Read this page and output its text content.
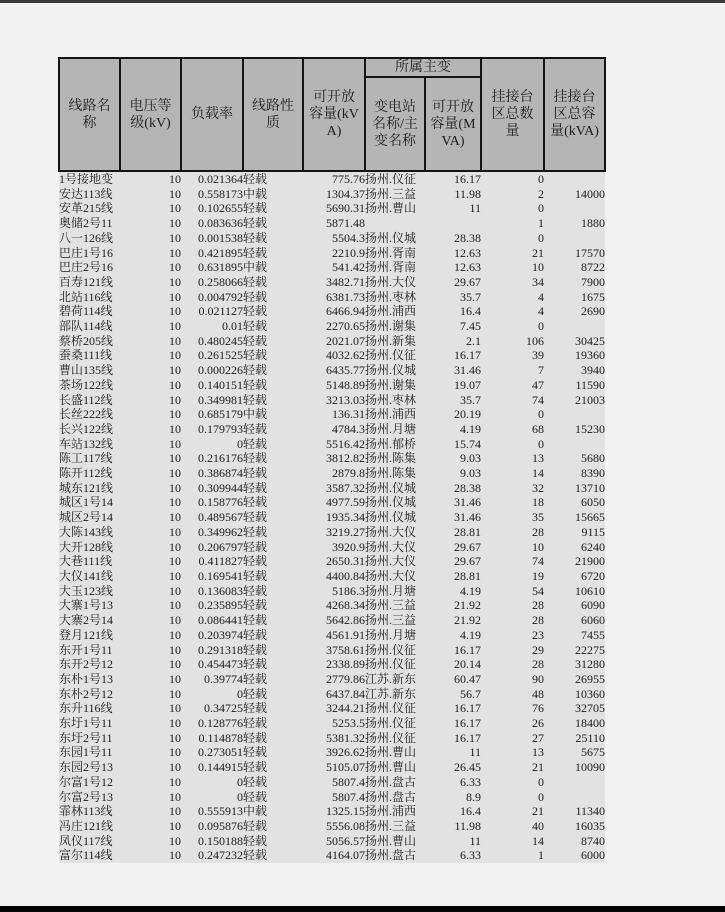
线路名称	电压等级(kV)	负载率	线路性质	可开放容量(kVA)	所属主变		挂接台区总数量	挂接台区总容量(kVA)
					变电站名称/主变名称	可开放容量(MVA)		
1号接地变	10	0.021364	轻载	775.76	扬州.仪征	16.17	0	
安达113线	10	0.558173	中载	1304.37	扬州.三益	11.98	2	14000
安革215线	10	0.102655	轻载	5690.31	扬州.曹山	11	0	
奥储2号11	10	0.083636	轻载	5871.48			1	1880
八一126线	10	0.001538	轻载	5504.3	扬州.仪城	28.38	0	
巴庄1号16	10	0.421895	轻载	2210.9	扬州.胥南	12.63	21	17570
巴庄2号16	10	0.631895	中载	541.42	扬州.胥南	12.63	10	8722
百寿121线	10	0.258066	轻载	3482.71	扬州.大仪	29.67	34	7900
北站116线	10	0.004792	轻载	6381.73	扬州.枣林	35.7	4	1675
碧荷114线	10	0.021127	轻载	6466.94	扬州.浦西	16.4	4	2690
部队114线	10	0.01	轻载	2270.65	扬州.谢集	7.45	0	
蔡桥205线	10	0.480245	轻载	2021.07	扬州.新集	2.1	106	30425
蚕桑111线	10	0.261525	轻载	4032.62	扬州.仪征	16.17	39	19360
曹山135线	10	0.000226	轻载	6435.77	扬州.仪城	31.46	7	3940
茶场122线	10	0.140151	轻载	5148.89	扬州.谢集	19.07	47	11590
长盛112线	10	0.349981	轻载	3213.03	扬州.枣林	35.7	74	21003
长丝222线	10	0.685179	中载	136.31	扬州.浦西	20.19	0	
长兴122线	10	0.179793	轻载	4784.3	扬州.月塘	4.19	68	15230
车站132线	10	0	轻载	5516.42	扬州.郁桥	15.74	0	
陈工117线	10	0.216176	轻载	3812.82	扬州.陈集	9.03	13	5680
陈开112线	10	0.386874	轻载	2879.8	扬州.陈集	9.03	14	8390
城东121线	10	0.309944	轻载	3587.32	扬州.仪城	28.38	32	13710
城区1号14	10	0.158776	轻载	4977.59	扬州.仪城	31.46	18	6050
城区2号14	10	0.489567	轻载	1935.34	扬州.仪城	31.46	35	15665
大陈143线	10	0.349962	轻载	3219.27	扬州.大仪	28.81	28	9115
大开128线	10	0.206797	轻载	3920.9	扬州.大仪	29.67	10	6240
大巷111线	10	0.411827	轻载	2650.31	扬州.大仪	29.67	74	21900
大仪141线	10	0.169541	轻载	4400.84	扬州.大仪	28.81	19	6720
大玉123线	10	0.136083	轻载	5186.3	扬州.月塘	4.19	54	10610
大寨1号13	10	0.235895	轻载	4268.34	扬州.三益	21.92	28	6090
大寨2号14	10	0.086441	轻载	5642.86	扬州.三益	21.92	28	6060
登月121线	10	0.203974	轻载	4561.91	扬州.月塘	4.19	23	7455
东开1号11	10	0.291318	轻载	3758.61	扬州.仪征	16.17	29	22275
东开2号12	10	0.454473	轻载	2338.89	扬州.仪征	20.14	28	31280
东朴1号13	10	0.39774	轻载	2779.86	江苏.新东	60.47	90	26955
东朴2号12	10	0	轻载	6437.84	江苏.新东	56.7	48	10360
东升116线	10	0.34725	轻载	3244.21	扬州.仪征	16.17	76	32705
东圩1号11	10	0.128776	轻载	5253.5	扬州.仪征	16.17	26	18400
东圩2号11	10	0.114878	轻载	5381.32	扬州.仪征	16.17	27	25110
东园1号11	10	0.273051	轻载	3926.62	扬州.曹山	11	13	5675
东园2号13	10	0.144915	轻载	5105.07	扬州.曹山	26.45	21	10090
尔富1号12	10	0	轻载	5807.4	扬州.盘古	6.33	0	
尔富2号13	10	0	轻载	5807.4	扬州.盘古	8.9	0	
霏林113线	10	0.555913	中载	1325.15	扬州.浦西	16.4	21	11340
冯庄121线	10	0.095876	轻载	5556.08	扬州.三益	11.98	40	16035
凤仪117线	10	0.150188	轻载	5056.57	扬州.曹山	11	14	8740
富尔114线	10	0.247232	轻载	4164.07	扬州.盘古	6.33	1	6000
